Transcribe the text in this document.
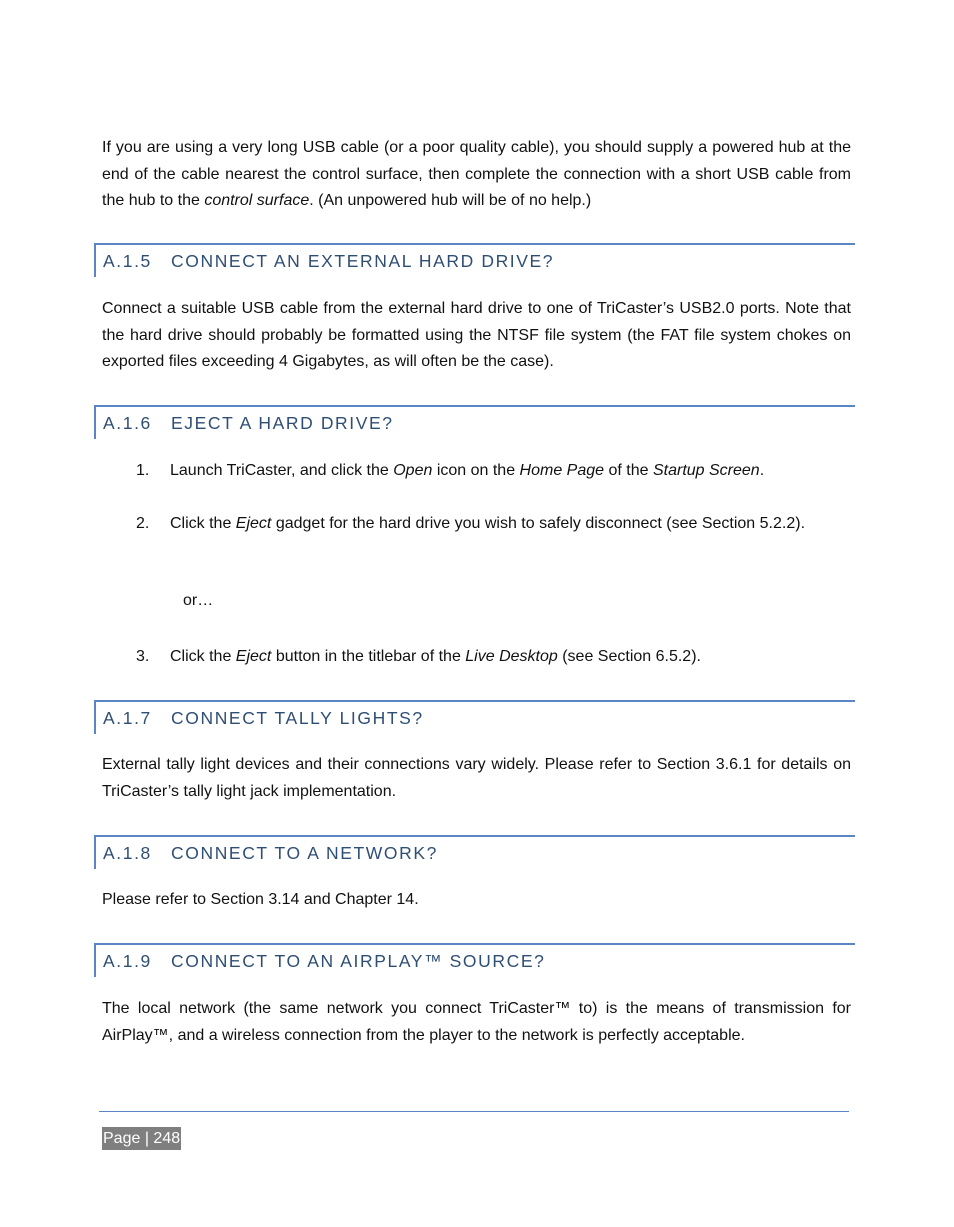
If you are using a very long USB cable (or a poor quality cable), you should supply a powered hub at the end of the cable nearest the control surface, then complete the connection with a short USB cable from the hub to the control surface. (An unpowered hub will be of no help.)

A.1.5 CONNECT AN EXTERNAL HARD DRIVE?

Connect a suitable USB cable from the external hard drive to one of TriCaster’s USB2.0 ports. Note that the hard drive should probably be formatted using the NTSF file system (the FAT file system chokes on exported files exceeding 4 Gigabytes, as will often be the case).

A.1.6 EJECT A HARD DRIVE?
1. Launch TriCaster, and click the Open icon on the Home Page of the Startup Screen.
2. Click the Eject gadget for the hard drive you wish to safely disconnect (see Section 5.2.2).
or…
3. Click the Eject button in the titlebar of the Live Desktop (see Section 6.5.2).
A.1.7 CONNECT TALLY LIGHTS?

External tally light devices and their connections vary widely. Please refer to Section 3.6.1 for details on TriCaster’s tally light jack implementation.

A.1.8 CONNECT TO A NETWORK?

Please refer to Section 3.14 and Chapter 14.

A.1.9 CONNECT TO AN AIRPLAY™ SOURCE?

The local network (the same network you connect TriCaster™ to) is the means of transmission for AirPlay™, and a wireless connection from the player to the network is perfectly acceptable.

Page | 248
